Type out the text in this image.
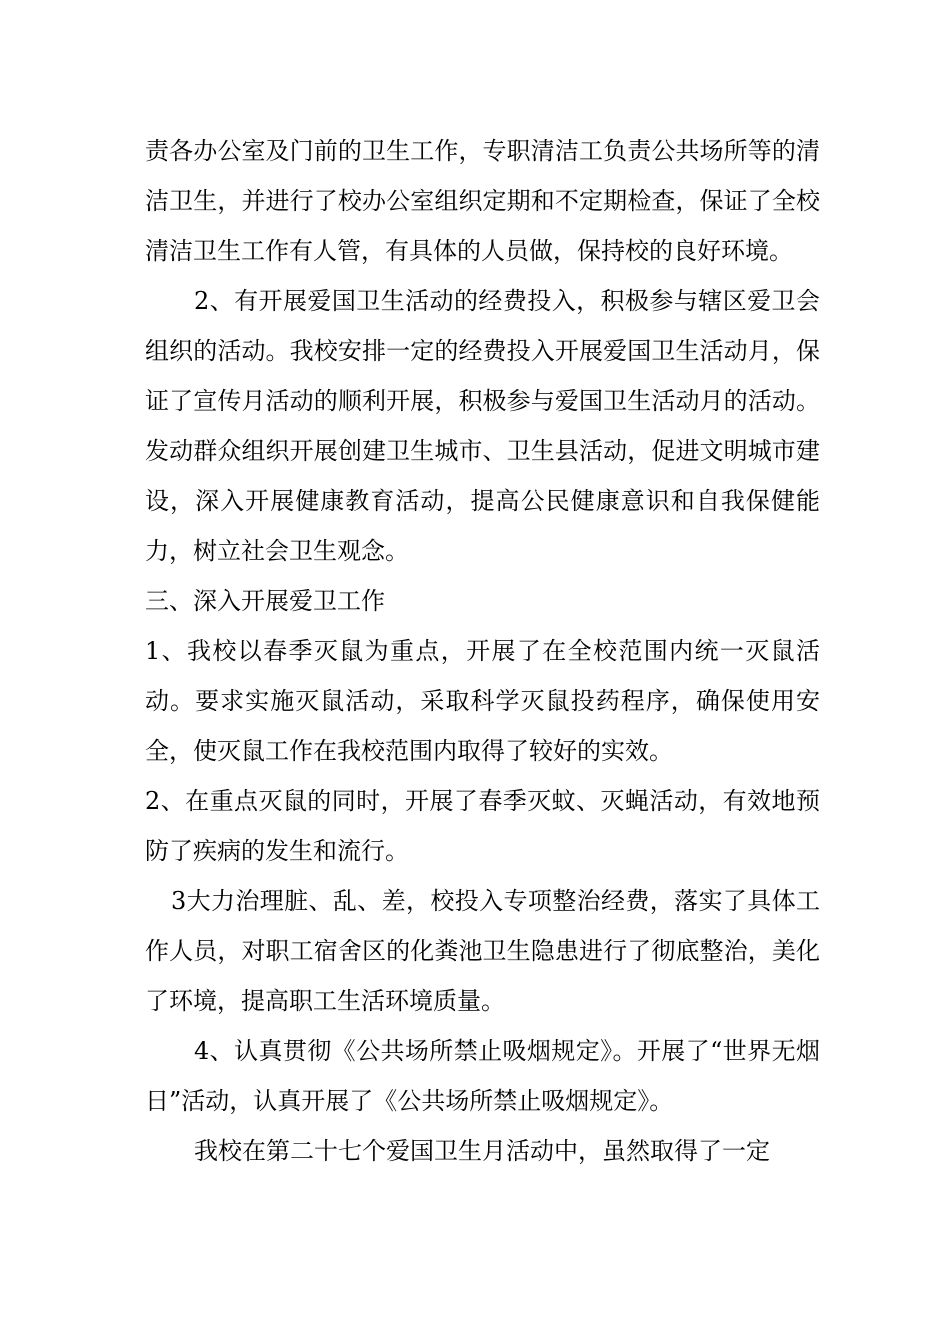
责各办公室及门前的卫生工作，专职清洁工负责公共场所等的清洁卫生，并进行了校办公室组织定期和不定期检查，保证了全校清洁卫生工作有人管，有具体的人员做，保持校的良好环境。

2、有开展爱国卫生活动的经费投入，积极参与辖区爱卫会组织的活动。我校安排一定的经费投入开展爱国卫生活动月，保证了宣传月活动的顺利开展，积极参与爱国卫生活动月的活动。发动群众组织开展创建卫生城市、卫生县活动，促进文明城市建设，深入开展健康教育活动，提高公民健康意识和自我保健能力，树立社会卫生观念。

三、深入开展爱卫工作

1、我校以春季灭鼠为重点，开展了在全校范围内统一灭鼠活动。要求实施灭鼠活动，采取科学灭鼠投药程序，确保使用安全，使灭鼠工作在我校范围内取得了较好的实效。

2、在重点灭鼠的同时，开展了春季灭蚊、灭蝇活动，有效地预防了疾病的发生和流行。

3大力治理脏、乱、差，校投入专项整治经费，落实了具体工作人员，对职工宿舍区的化粪池卫生隐患进行了彻底整治，美化了环境，提高职工生活环境质量。

4、认真贯彻《公共场所禁止吸烟规定》。开展了“世界无烟日”活动，认真开展了《公共场所禁止吸烟规定》。

我校在第二十七个爱国卫生月活动中，虽然取得了一定
